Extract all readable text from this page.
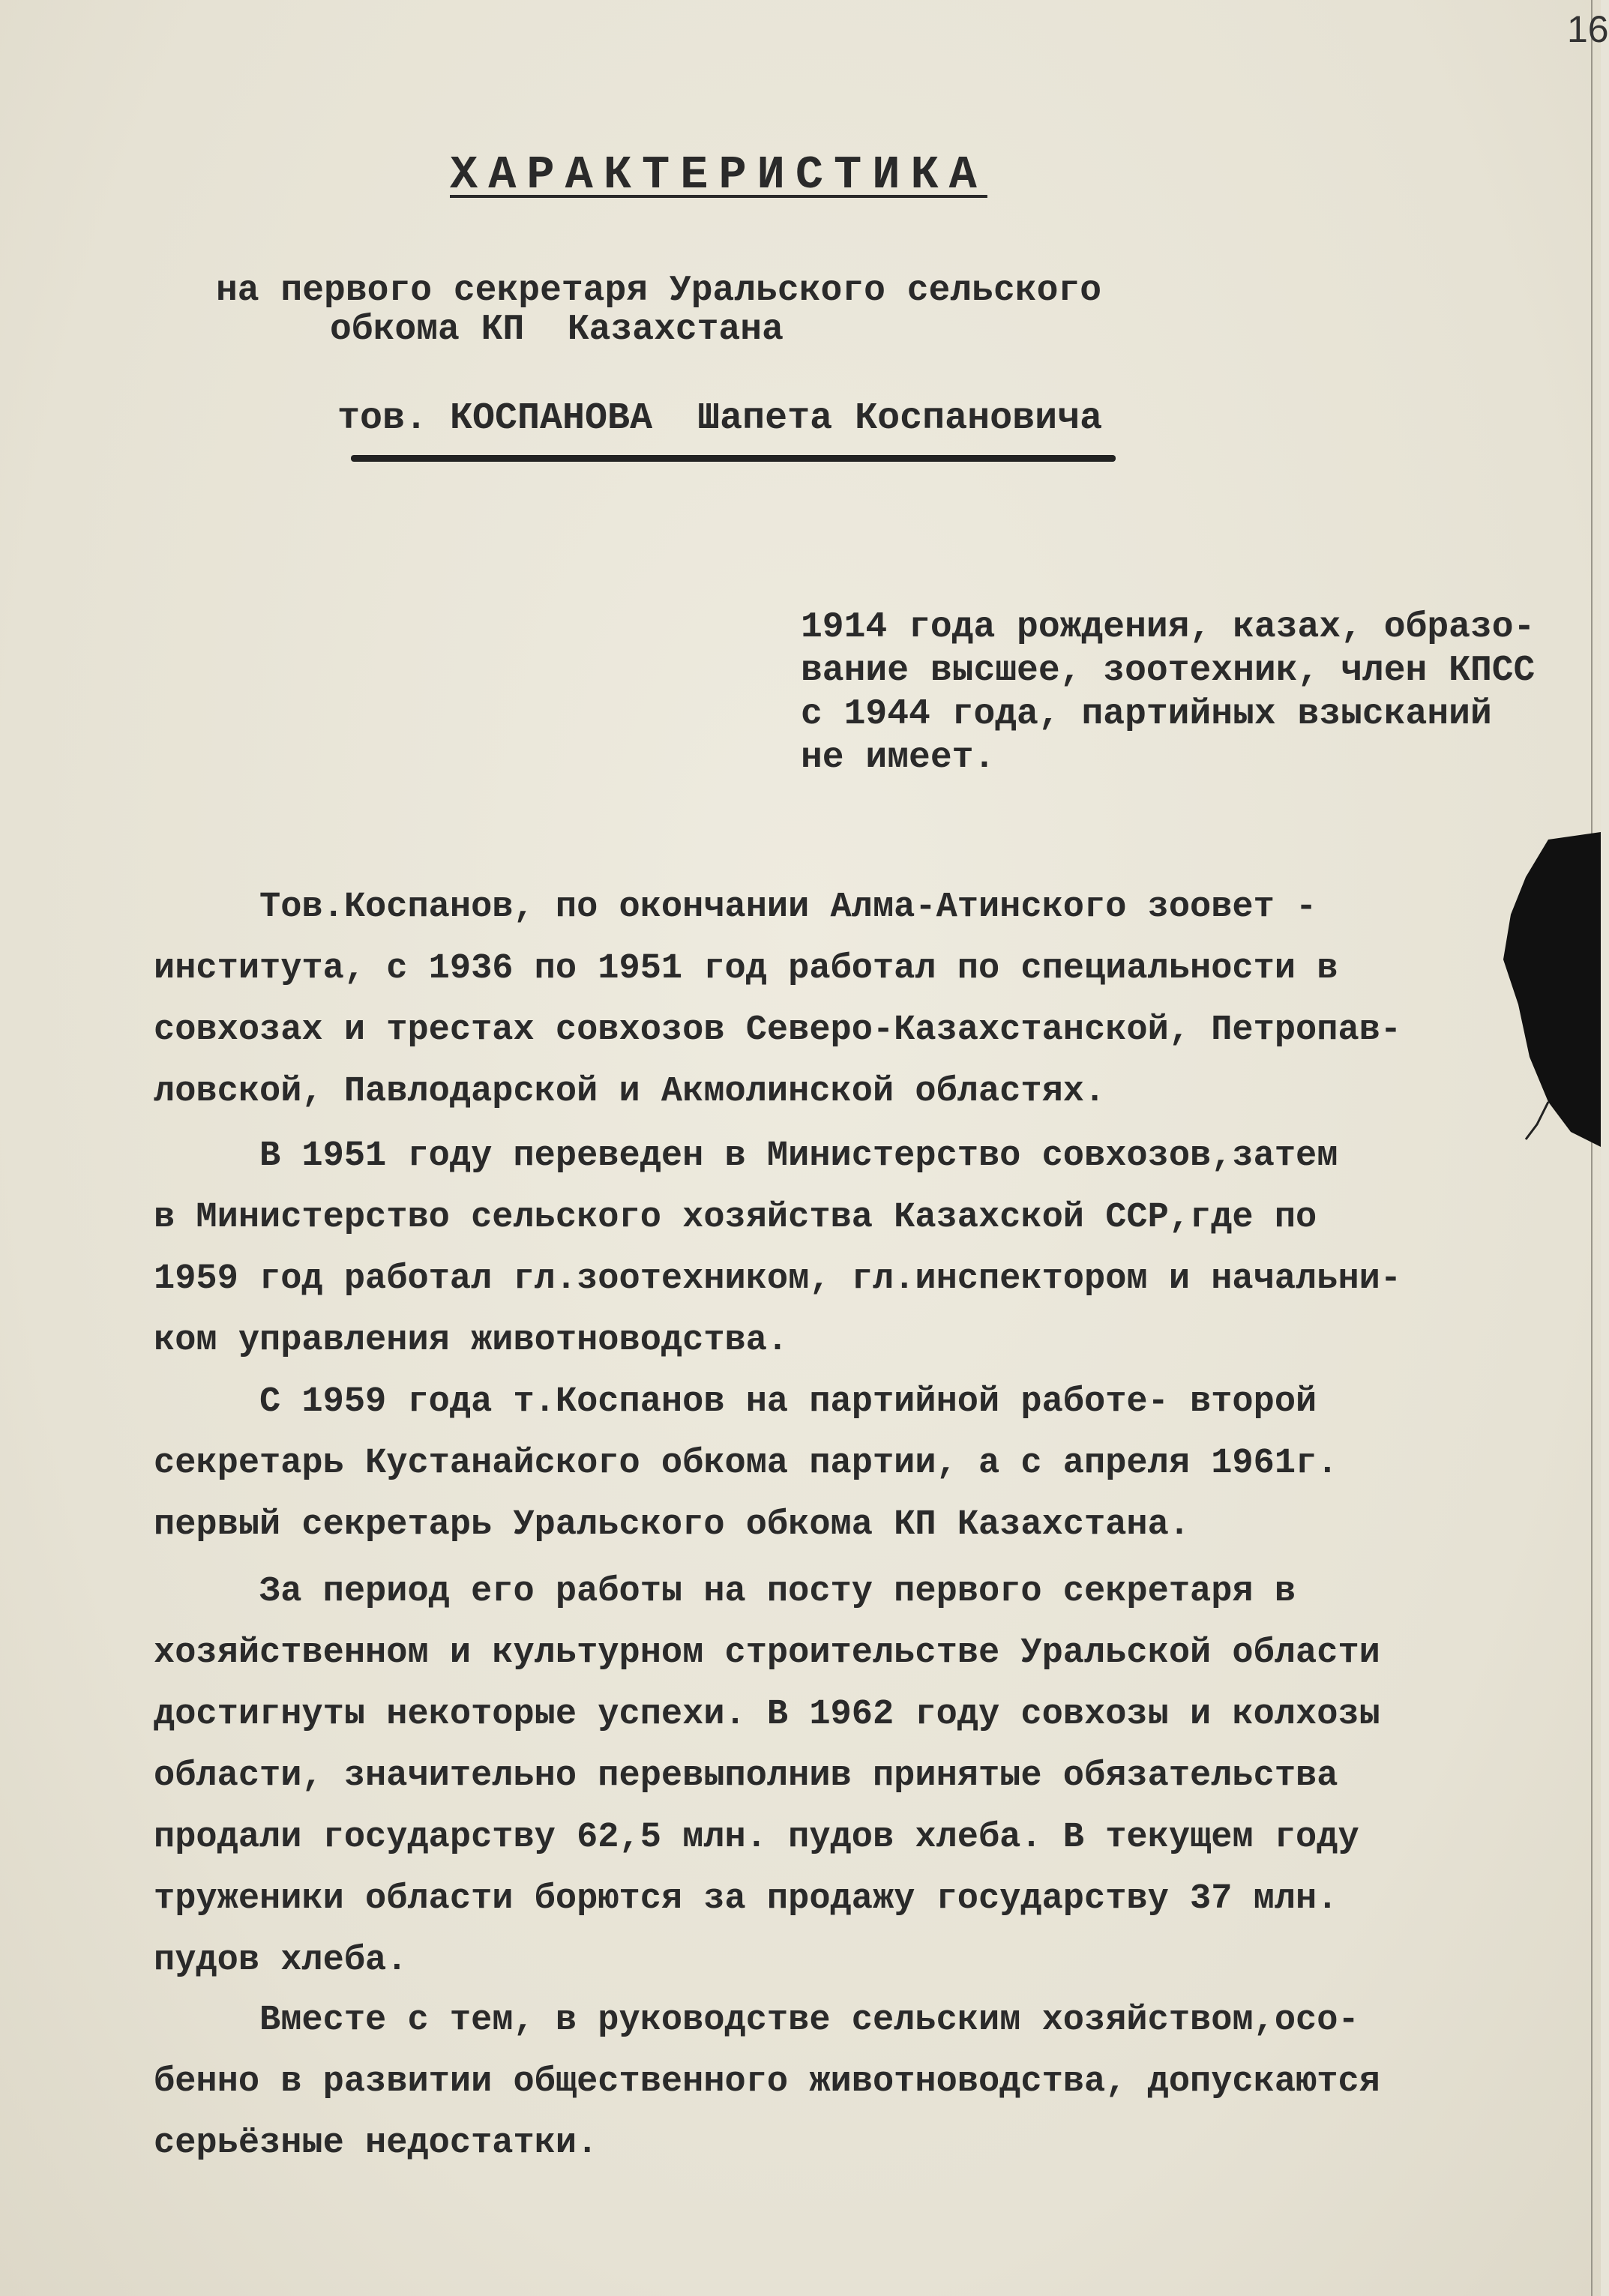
16
ХАРАКТЕРИСТИКА
на первого секретаря Уральского сельского
обкома КП  Казахстана
тов. КОСПАНОВА  Шапета Коспановича
1914 года рождения, казах, образо-
вание высшее, зоотехник, член КПСС
с 1944 года, партийных взысканий
не имеет.
Тов.Коспанов, по окончании Алма-Атинского зоовет -
института, с 1936 по 1951 год работал по специальности в
совхозах и трестах совхозов Северо-Казахстанской, Петропав-
ловской, Павлодарской и Акмолинской областях.
В 1951 году переведен в Министерство совхозов,затем
в Министерство сельского хозяйства Казахской ССР,где по
1959 год работал гл.зоотехником, гл.инспектором и начальни-
ком управления животноводства.
С 1959 года т.Коспанов на партийной работе- второй
секретарь Кустанайского обкома партии, а с апреля 1961г.
первый секретарь Уральского обкома КП Казахстана.
За период его работы на посту первого секретаря в
хозяйственном и культурном строительстве Уральской области
достигнуты некоторые успехи. В 1962 году совхозы и колхозы
области, значительно перевыполнив принятые обязательства
продали государству 62,5 млн. пудов хлеба. В текущем году
труженики области борются за продажу государству 37 млн.
пудов хлеба.
Вместе с тем, в руководстве сельским хозяйством,осо-
бенно в развитии общественного животноводства, допускаются
серьёзные недостатки.
